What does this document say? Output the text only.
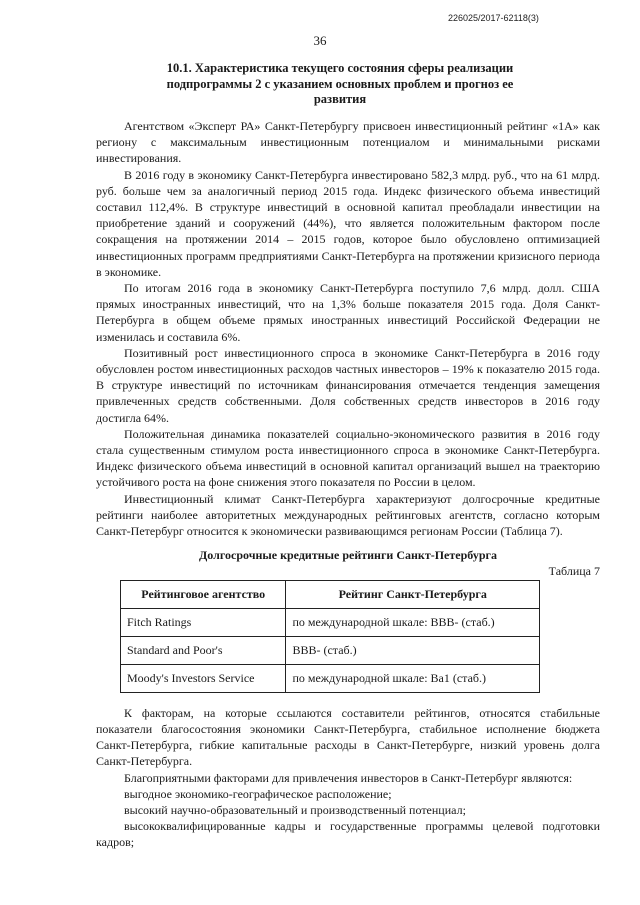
226025/2017-62118(3)
36
10.1. Характеристика текущего состояния сферы реализации подпрограммы 2 с указанием основных проблем и прогноз ее развития

Агентством «Эксперт РА» Санкт-Петербургу присвоен инвестиционный рейтинг «1А» как региону с максимальным инвестиционным потенциалом и минимальными рисками инвестирования.

В 2016 году в экономику Санкт-Петербурга инвестировано 582,3 млрд. руб., что на 61 млрд. руб. больше чем за аналогичный период 2015 года. Индекс физического объема инвестиций составил 112,4%. В структуре инвестиций в основной капитал преобладали инвестиции на приобретение зданий и сооружений (44%), что является положительным фактором после сокращения на протяжении 2014 – 2015 годов, которое было обусловлено оптимизацией инвестиционных программ предприятиями Санкт-Петербурга на протяжении кризисного периода в экономике.

По итогам 2016 года в экономику Санкт-Петербурга поступило 7,6 млрд. долл. США прямых иностранных инвестиций, что на 1,3% больше показателя 2015 года. Доля Санкт-Петербурга в общем объеме прямых иностранных инвестиций Российской Федерации не изменилась и составила 6%.

Позитивный рост инвестиционного спроса в экономике Санкт-Петербурга в 2016 году обусловлен ростом инвестиционных расходов частных инвесторов – 19% к показателю 2015 года. В структуре инвестиций по источникам финансирования отмечается тенденция замещения привлеченных средств собственными. Доля собственных средств инвесторов в 2016 году достигла 64%.

Положительная динамика показателей социально-экономического развития в 2016 году стала существенным стимулом роста инвестиционного спроса в экономике Санкт-Петербурга. Индекс физического объема инвестиций в основной капитал организаций вышел на траекторию устойчивого роста на фоне снижения этого показателя по России в целом.

Инвестиционный климат Санкт-Петербурга характеризуют долгосрочные кредитные рейтинги наиболее авторитетных международных рейтинговых агентств, согласно которым Санкт-Петербург относится к экономически развивающимся регионам России (Таблица 7).

Долгосрочные кредитные рейтинги Санкт-Петербурга

Таблица 7

Рейтинговое агентство	Рейтинг Санкт-Петербурга
Fitch Ratings	по международной шкале: BBB- (стаб.)
Standard and Poor's	BBB- (стаб.)
Moody's Investors Service	по международной шкале: Ba1 (стаб.)

К факторам, на которые ссылаются составители рейтингов, относятся стабильные показатели благосостояния экономики Санкт-Петербурга, стабильное исполнение бюджета Санкт-Петербурга, гибкие капитальные расходы в Санкт-Петербурге, низкий уровень долга Санкт-Петербурга.

Благоприятными факторами для привлечения инвесторов в Санкт-Петербург являются:

выгодное экономико-географическое расположение;

высокий научно-образовательный и производственный потенциал;

высококвалифицированные кадры и государственные программы целевой подготовки кадров;
